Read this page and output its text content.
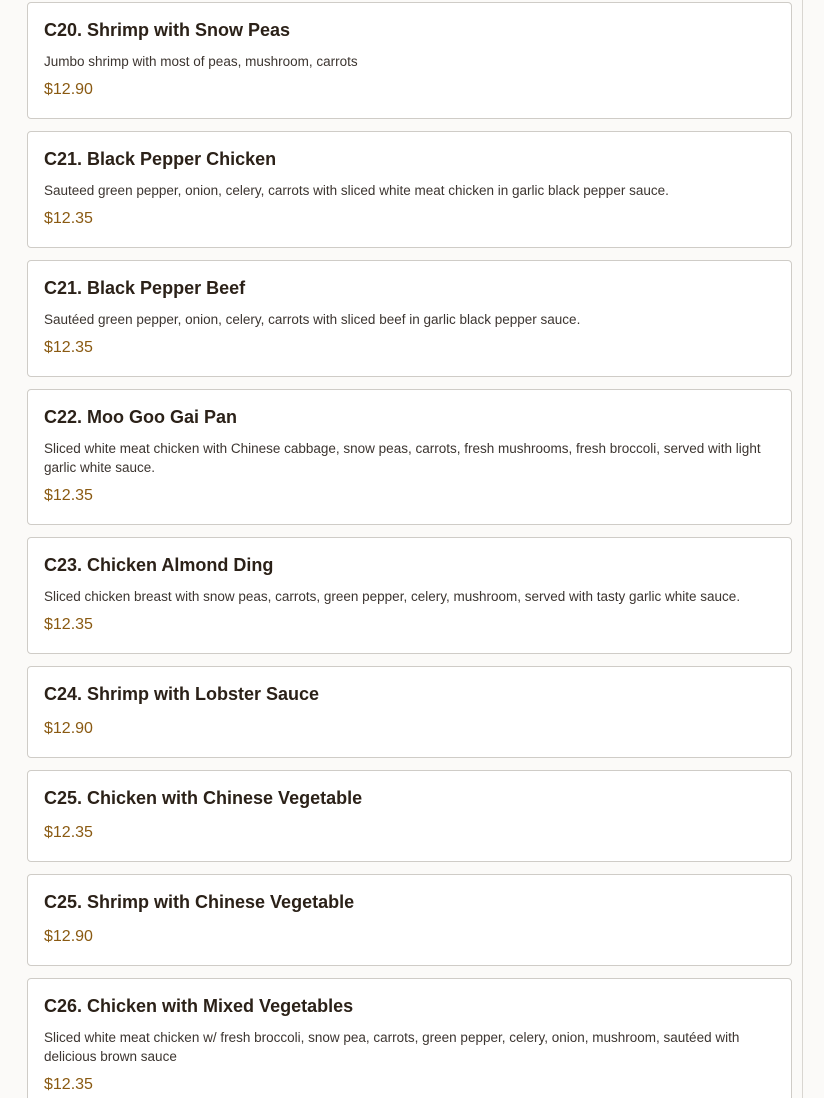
C20. Shrimp with Snow Peas
Jumbo shrimp with most of peas, mushroom, carrots
$12.90
C21. Black Pepper Chicken
Sauteed green pepper, onion, celery, carrots with sliced white meat chicken in garlic black pepper sauce.
$12.35
C21. Black Pepper Beef
Sautéed green pepper, onion, celery, carrots with sliced beef in garlic black pepper sauce.
$12.35
C22. Moo Goo Gai Pan
Sliced white meat chicken with Chinese cabbage, snow peas, carrots, fresh mushrooms, fresh broccoli, served with light garlic white sauce.
$12.35
C23. Chicken Almond Ding
Sliced chicken breast with snow peas, carrots, green pepper, celery, mushroom, served with tasty garlic white sauce.
$12.35
C24. Shrimp with Lobster Sauce
$12.90
C25. Chicken with Chinese Vegetable
$12.35
C25. Shrimp with Chinese Vegetable
$12.90
C26. Chicken with Mixed Vegetables
Sliced white meat chicken w/ fresh broccoli, snow pea, carrots, green pepper, celery, onion, mushroom, sautéed with delicious brown sauce
$12.35
